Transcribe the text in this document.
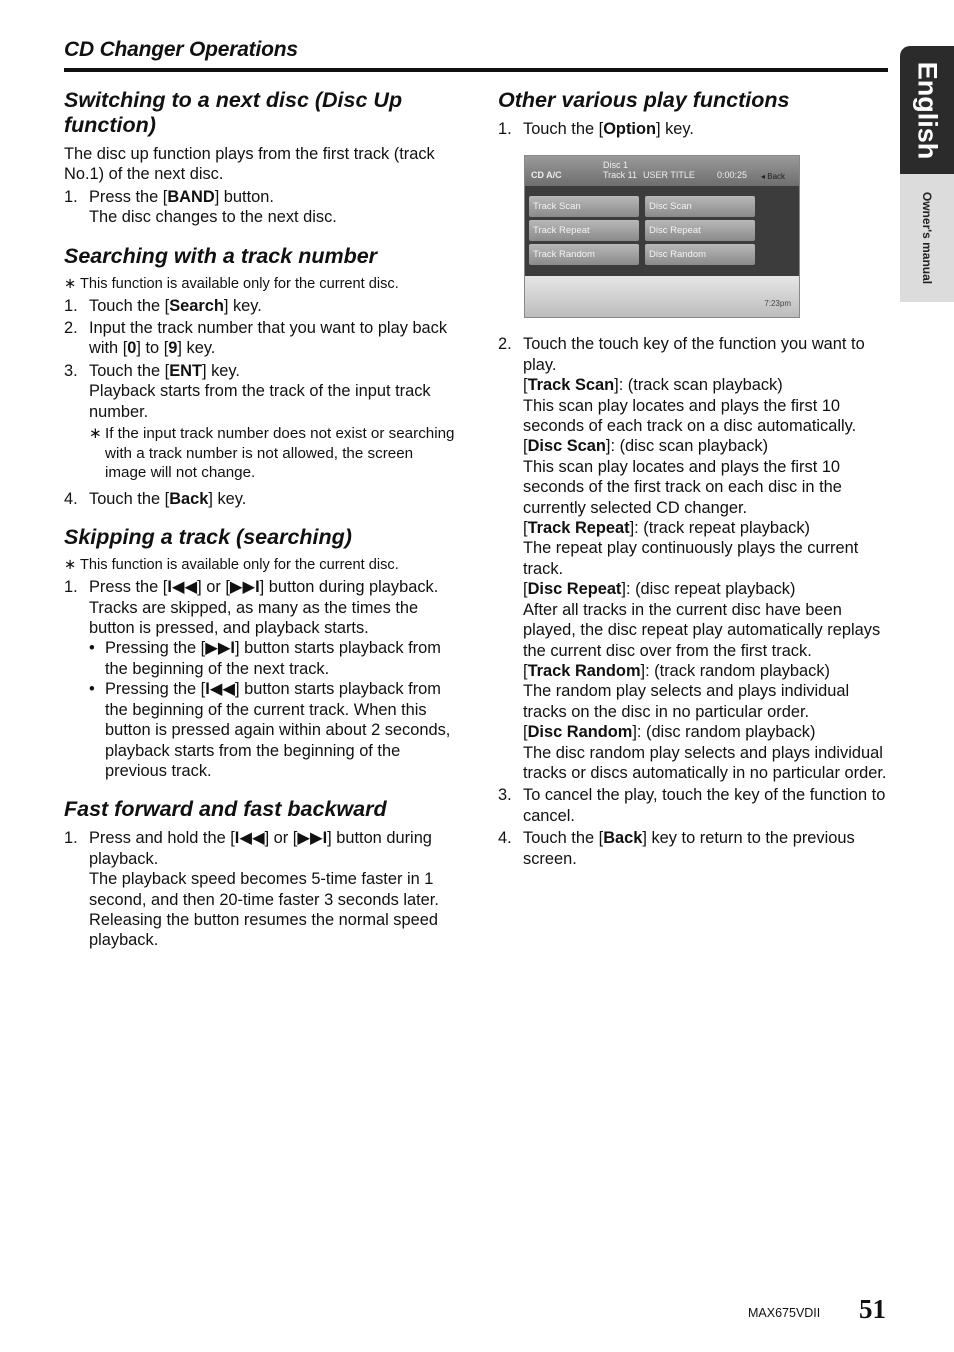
CD Changer Operations
English
Owner's manual
Switching to a next disc (Disc Up function)

The disc up function plays from the first track (track No.1) of the next disc.

1. Press the [BAND] button.
The disc changes to the next disc.
Searching with a track number
∗ This function is available only for the current disc.
1. Touch the [Search] key.
2. Input the track number that you want to play back with [0] to [9] key.
3. Touch the [ENT] key.
Playback starts from the track of the input track number.
∗ If the input track number does not exist or searching with a track number is not allowed, the screen image will not change.
4. Touch the [Back] key.
Skipping a track (searching)
∗ This function is available only for the current disc.
1. Press the [I◀◀] or [▶▶I] button during playback.
Tracks are skipped, as many as the times the button is pressed, and playback starts.
• Pressing the [▶▶I] button starts playback from the beginning of the next track.
• Pressing the [I◀◀] button starts playback from the beginning of the current track. When this button is pressed again within about 2 seconds, playback starts from the beginning of the previous track.
Fast forward and fast backward
1. Press and hold the [I◀◀] or [▶▶I] button during playback.
The playback speed becomes 5-time faster in 1 second, and then 20-time faster 3 seconds later.
Releasing the button resumes the normal speed playback.
Other various play functions
1. Touch the [Option] key.
CD A/C
Disc 1
Track 11 USER TITLE 0:00:25 ◂ Back
Track Scan	Disc Scan
Track Repeat	Disc Repeat
Track Random	Disc Random
7:23pm
2. Touch the touch key of the function you want to play.
[Track Scan]: (track scan playback)
This scan play locates and plays the first 10 seconds of each track on a disc automatically.
[Disc Scan]: (disc scan playback)
This scan play locates and plays the first 10 seconds of the first track on each disc in the currently selected CD changer.
[Track Repeat]: (track repeat playback)
The repeat play continuously plays the current track.
[Disc Repeat]: (disc repeat playback)
After all tracks in the current disc have been played, the disc repeat play automatically replays the current disc over from the first track.
[Track Random]: (track random playback)
The random play selects and plays individual tracks on the disc in no particular order.
[Disc Random]: (disc random playback)
The disc random play selects and plays individual tracks or discs automatically in no particular order.
3. To cancel the play, touch the key of the function to cancel.
4. Touch the [Back] key to return to the previous screen.
MAX675VDII 51
